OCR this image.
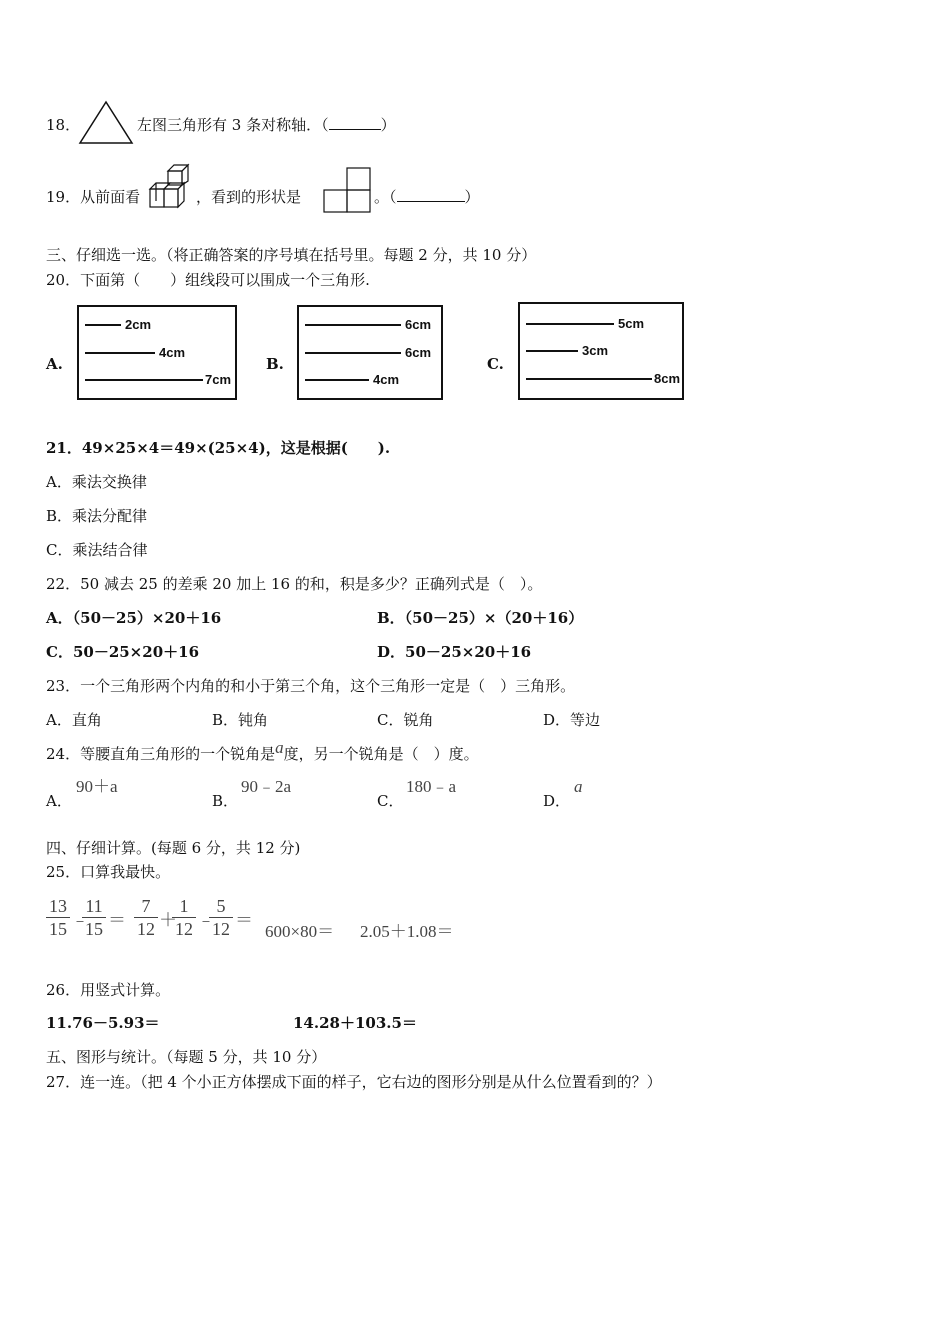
18．	左图三角形有 3 条对称轴．（	）
19．从前面看	，看到的形状是	。（	）
三、仔细选一选。（将正确答案的序号填在括号里。每题 2 分，共 10 分）
20．下面第（　　）组线段可以围成一个三角形.
A.
2cm
4cm
7cm
B.
6cm
6cm
4cm
C.
5cm
3cm
8cm
21．49×25×4＝49×(25×4)，这是根据(　　).
A．乘法交换律
B．乘法分配律
C．乘法结合律
22．50 减去 25 的差乘 20 加上 16 的和，积是多少？正确列式是（　）。
A．（50－25）×20＋16	B．（50－25）×（20＋16）
C．50－25×20＋16	D．50－25×20＋16
23．一个三角形两个内角的和小于第三个角，这个三角形一定是（　）三角形。
A．直角	B．钝角	C．锐角	D．等边
24．等腰直角三角形的一个锐角是a度，另一个锐角是（　）度。
A．
90＋a
B．
90﹣2a
C．
180﹣a
D．
a
四、仔细计算。(每题 6 分，共 12 分)
25．口算我最快。
$\frac{13}{15}$ ﹣
$\frac{11}{15} = \frac{7}{12}$ ＋
$\frac{1}{12}$ ﹣
$\frac{5}{12}$ ＝
600×80＝ 2.05＋1.08＝
26．用竖式计算。
11.76－5.93＝	14.28＋103.5＝
五、图形与统计。（每题 5 分，共 10 分）
27．连一连。（把 4 个小正方体摆成下面的样子，它右边的图形分别是从什么位置看到的？）
